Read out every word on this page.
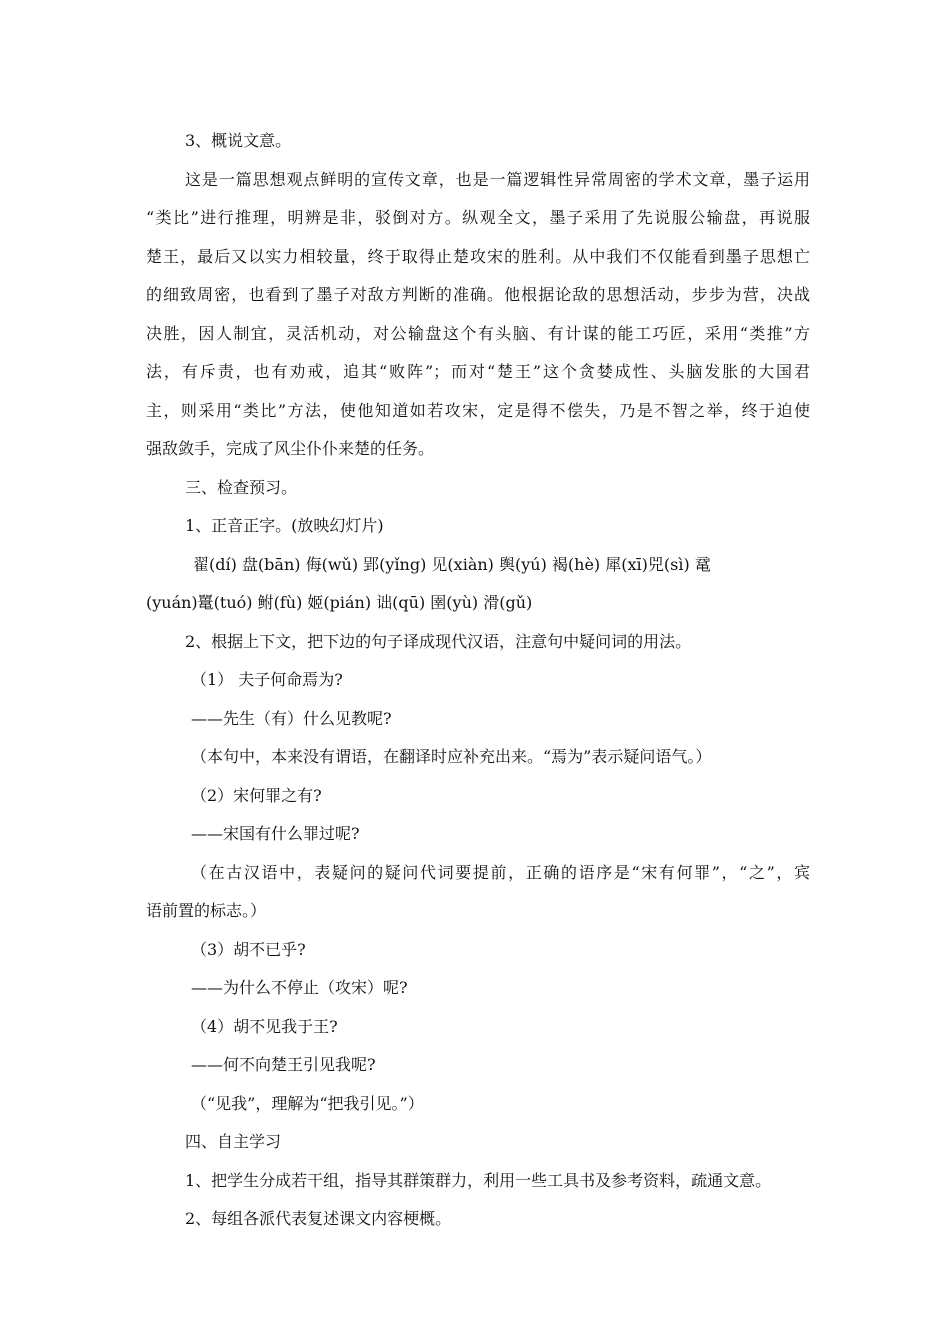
3、概说文意。
这是一篇思想观点鲜明的宣传文章，也是一篇逻辑性异常周密的学术文章，墨子运用
“类比”进行推理，明辨是非，驳倒对方。纵观全文，墨子采用了先说服公输盘，再说服
楚王，最后又以实力相较量，终于取得止楚攻宋的胜利。从中我们不仅能看到墨子思想亡
的细致周密，也看到了墨子对敌方判断的准确。他根据论敌的思想活动，步步为营，决战
决胜，因人制宜，灵活机动，对公输盘这个有头脑、有计谋的能工巧匠，采用“类推”方
法，有斥责，也有劝戒，追其“败阵”；而对“楚王”这个贪婪成性、头脑发胀的大国君
主，则采用“类比”方法，使他知道如若攻宋，定是得不偿失，乃是不智之举，终于迫使
强敌敛手，完成了风尘仆仆来楚的任务。
三、检查预习。
1、正音正字。(放映幻灯片)
翟(dí) 盘(bān) 侮(wǔ) 郢(yǐng) 见(xiàn) 舆(yú) 褐(hè) 犀(xī)兕(sì) 鼋
(yuán)鼍(tuó) 鲋(fù) 姬(pián) 诎(qū) 圉(yù) 滑(gǔ)
2、根据上下文，把下边的句子译成现代汉语，注意句中疑问词的用法。
（1） 夫子何命焉为?
——先生（有）什么见教呢?
（本句中，本来没有谓语，在翻译时应补充出来。“焉为”表示疑问语气。）
（2）宋何罪之有?
——宋国有什么罪过呢?
（在古汉语中，表疑问的疑问代词要提前，正确的语序是“宋有何罪”，“之”，宾
语前置的标志。）
（3）胡不已乎?
——为什么不停止（攻宋）呢?
（4）胡不见我于王?
——何不向楚王引见我呢?
（“见我”，理解为“把我引见。”）
四、自主学习
1、把学生分成若干组，指导其群策群力，利用一些工具书及参考资料，疏通文意。
2、每组各派代表复述课文内容梗概。
